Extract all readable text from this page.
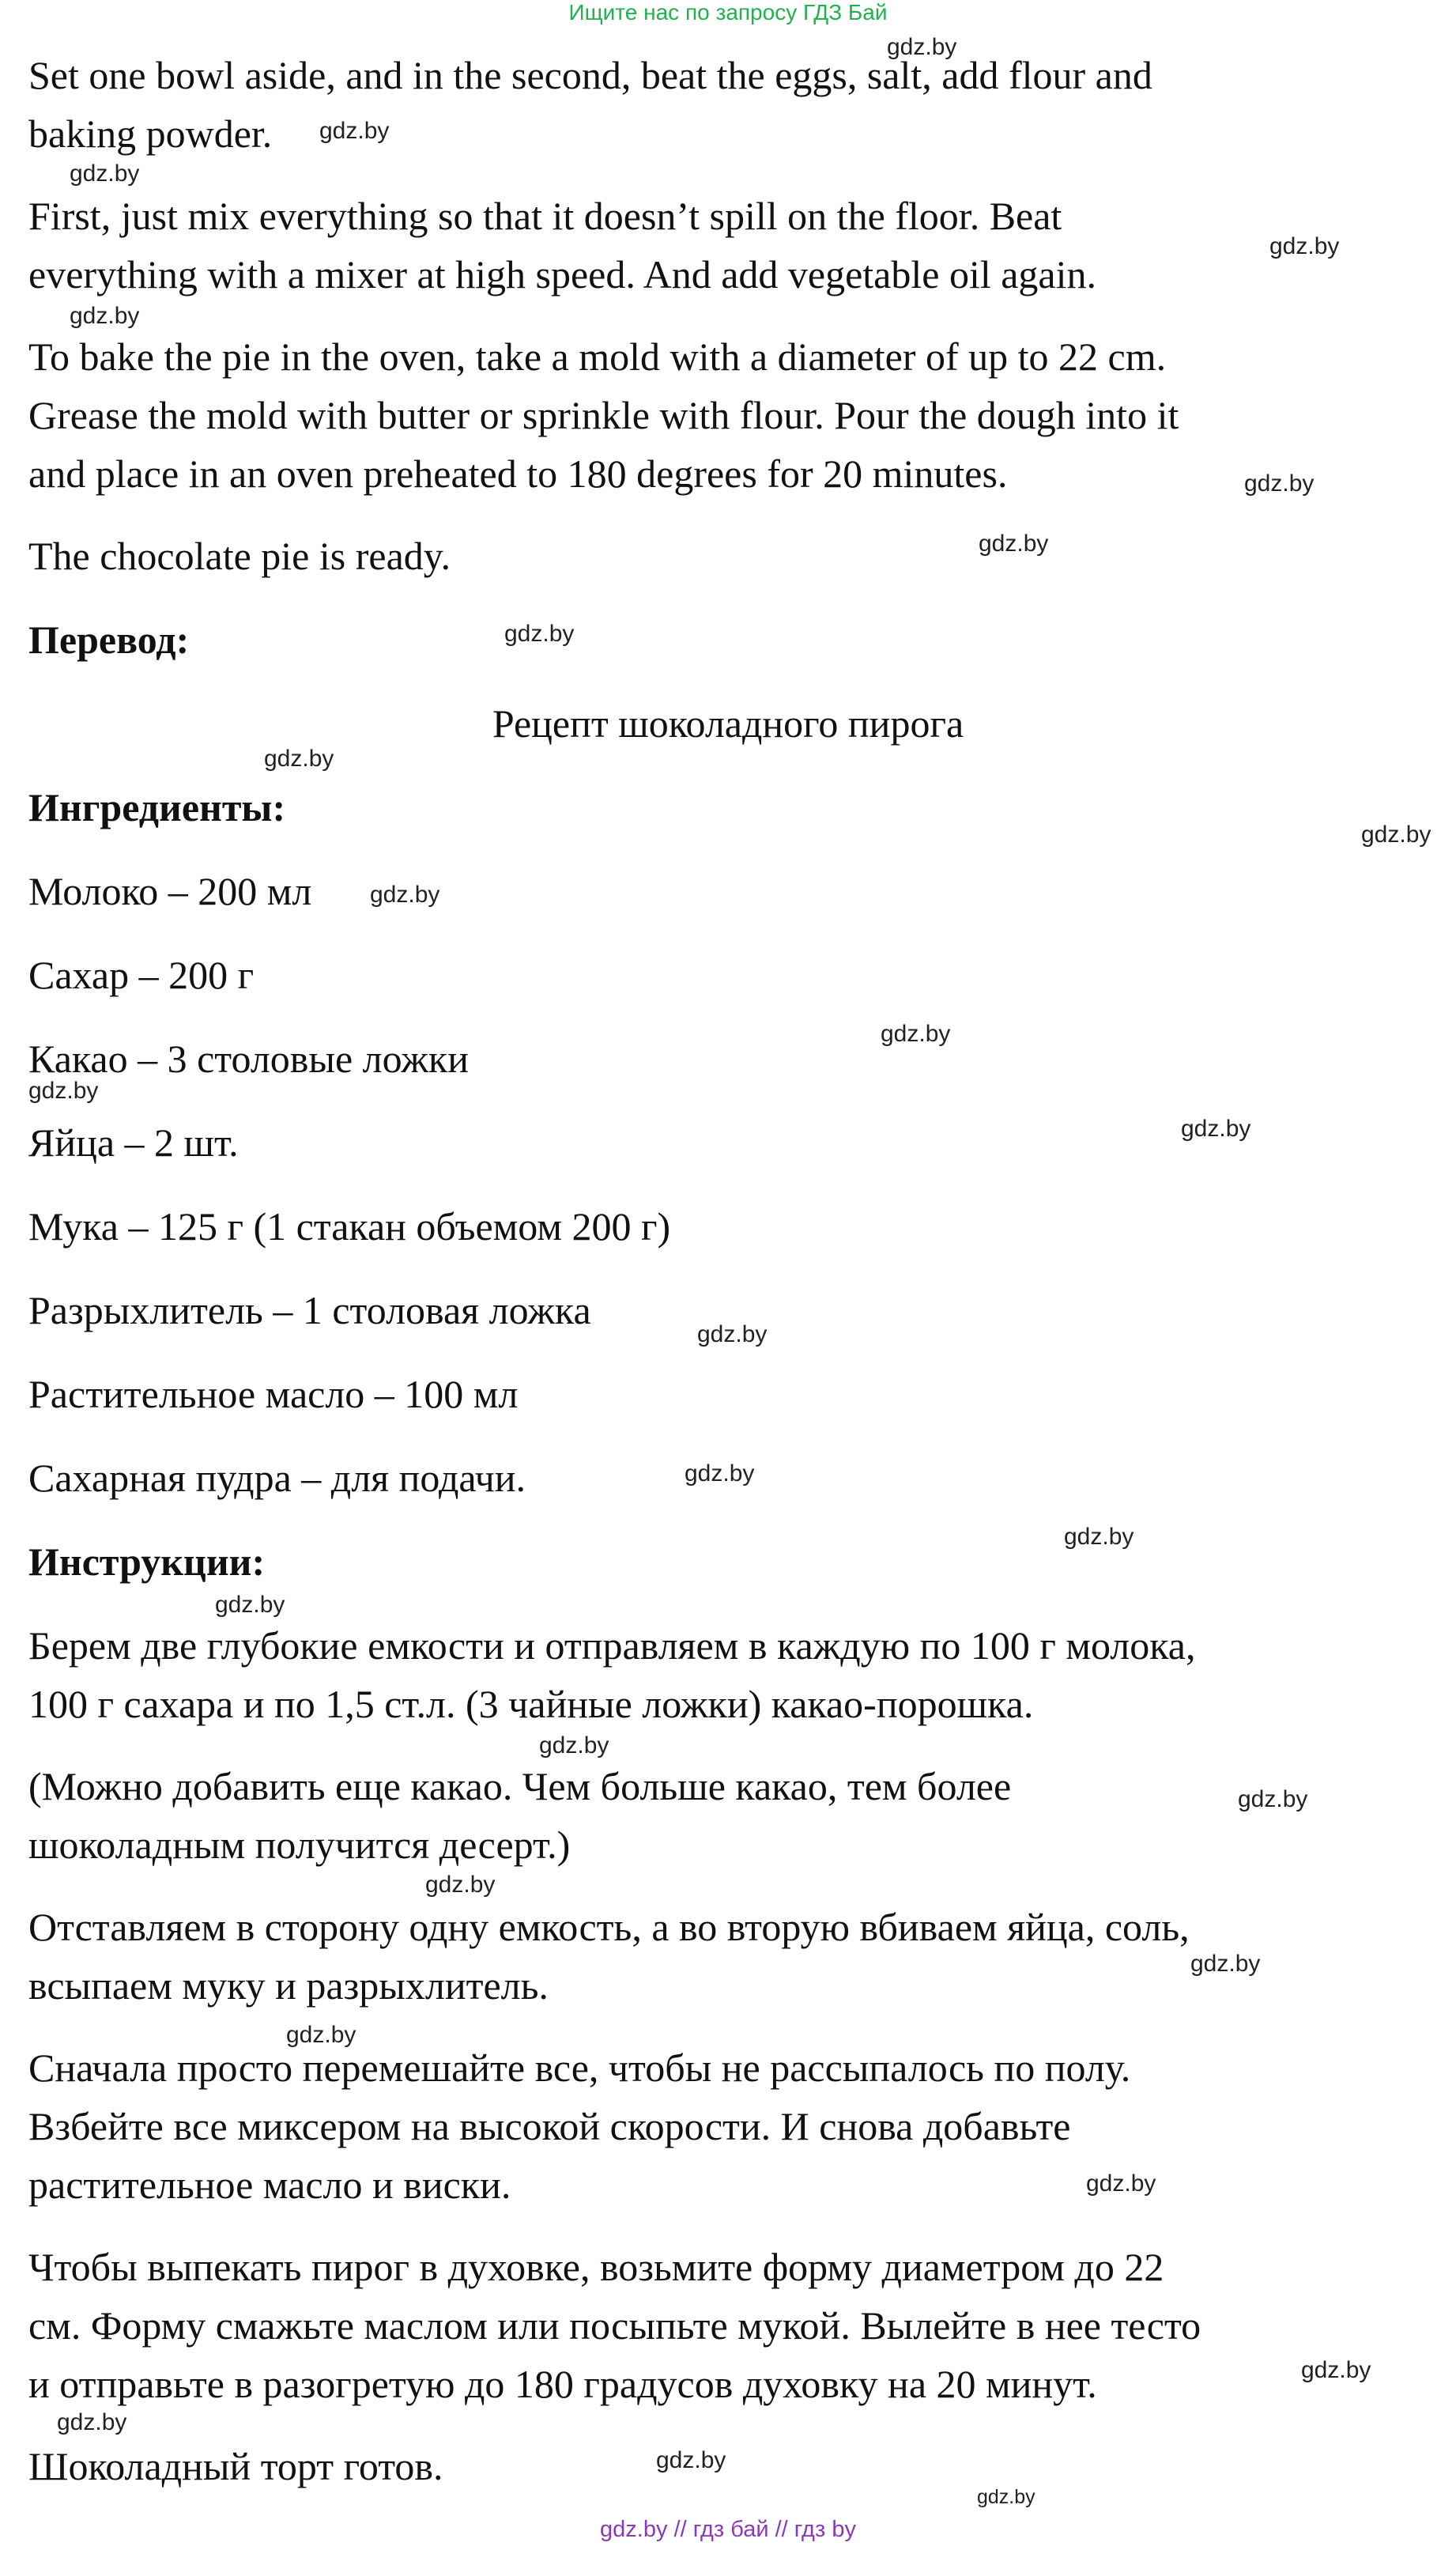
Ищите нас по запросу ГДЗ Бай
Set one bowl aside, and in the second, beat the eggs, salt, add flour and
baking powder.
First, just mix everything so that it doesn’t spill on the floor. Beat
everything with a mixer at high speed. And add vegetable oil again.
To bake the pie in the oven, take a mold with a diameter of up to 22 cm.
Grease the mold with butter or sprinkle with flour. Pour the dough into it
and place in an oven preheated to 180 degrees for 20 minutes.
The chocolate pie is ready.
Перевод:
Рецепт шоколадного пирога
Ингредиенты:
Молоко – 200 мл
Сахар – 200 г
Какао – 3 столовые ложки
Яйца – 2 шт.
Мука – 125 г (1 стакан объемом 200 г)
Разрыхлитель – 1 столовая ложка
Растительное масло – 100 мл
Сахарная пудра – для подачи.
Инструкции:
Берем две глубокие емкости и отправляем в каждую по 100 г молока,
100 г сахара и по 1,5 ст.л. (3 чайные ложки) какао-порошка.
(Можно добавить еще какао. Чем больше какао, тем более
шоколадным получится десерт.)
Отставляем в сторону одну емкость, а во вторую вбиваем яйца, соль,
всыпаем муку и разрыхлитель.
Сначала просто перемешайте все, чтобы не рассыпалось по полу.
Взбейте все миксером на высокой скорости. И снова добавьте
растительное масло и виски.
Чтобы выпекать пирог в духовке, возьмите форму диаметром до 22
см. Форму смажьте маслом или посыпьте мукой. Вылейте в нее тесто
и отправьте в разогретую до 180 градусов духовку на 20 минут.
Шоколадный торт готов.
gdz.by
gdz.by
gdz.by
gdz.by
gdz.by
gdz.by
gdz.by
gdz.by
gdz.by
gdz.by
gdz.by
gdz.by
gdz.by
gdz.by
gdz.by
gdz.by
gdz.by
gdz.by
gdz.by
gdz.by
gdz.by
gdz.by
gdz.by
gdz.by
gdz.by
gdz.by
gdz.by
gdz.by
gdz.by // гдз бай // гдз by
